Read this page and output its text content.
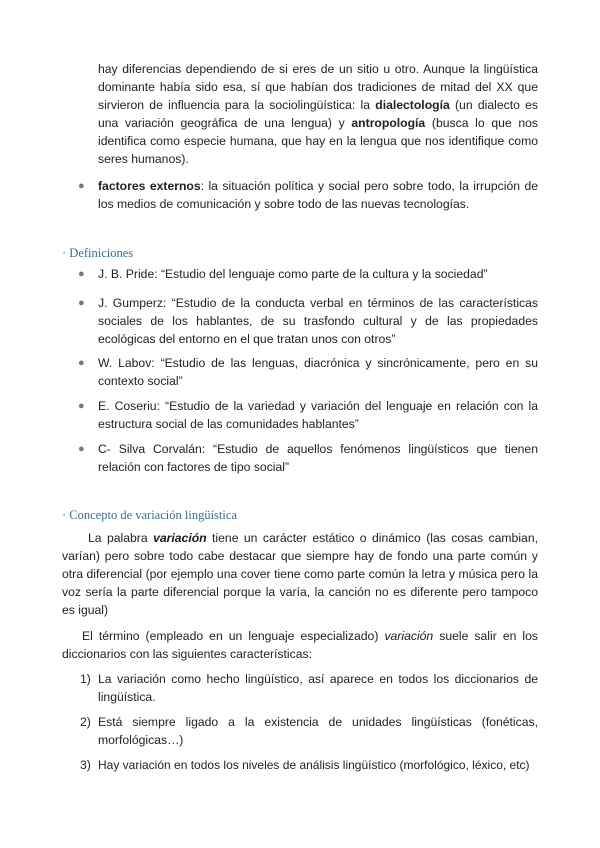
hay diferencias dependiendo de si eres de un sitio u otro. Aunque la lingüística dominante había sido esa, sí que habían dos tradiciones de mitad del XX que sirvieron de influencia para la sociolingüística: la dialectología (un dialecto es una variación geográfica de una lengua) y antropología (busca lo que nos identifica como especie humana, que hay en la lengua que nos identifique como seres humanos).

● factores externos: la situación política y social pero sobre todo, la irrupción de los medios de comunicación y sobre todo de las nuevas tecnologías.

· Definiciones
● J. B. Pride: “Estudio del lenguaje como parte de la cultura y la sociedad”

● J. Gumperz: “Estudio de la conducta verbal en términos de las características sociales de los hablantes, de su trasfondo cultural y de las propiedades ecológicas del entorno en el que tratan unos con otros”

● W. Labov: “Estudio de las lenguas, diacrónica y sincrónicamente, pero en su contexto social”

● E. Coseriu: “Estudio de la variedad y variación del lenguaje en relación con la estructura social de las comunidades hablantes”

● C- Silva Corvalán: “Estudio de aquellos fenómenos lingüísticos que tienen relación con factores de tipo social”

· Concepto de variación lingüística

La palabra variación tiene un carácter estático o dinámico (las cosas cambian, varían) pero sobre todo cabe destacar que siempre hay de fondo una parte común y otra diferencial (por ejemplo una cover tiene como parte común la letra y música pero la voz sería la parte diferencial porque la varía, la canción no es diferente pero tampoco es igual)

El término (empleado en un lenguaje especializado) variación suele salir en los diccionarios con las siguientes características:

1) La variación como hecho lingüístico, así aparece en todos los diccionarios de lingüística.

2) Está siempre ligado a la existencia de unidades lingüísticas (fonéticas, morfológicas…)

3) Hay variación en todos los niveles de análisis lingüístico (morfológico, léxico, etc)
